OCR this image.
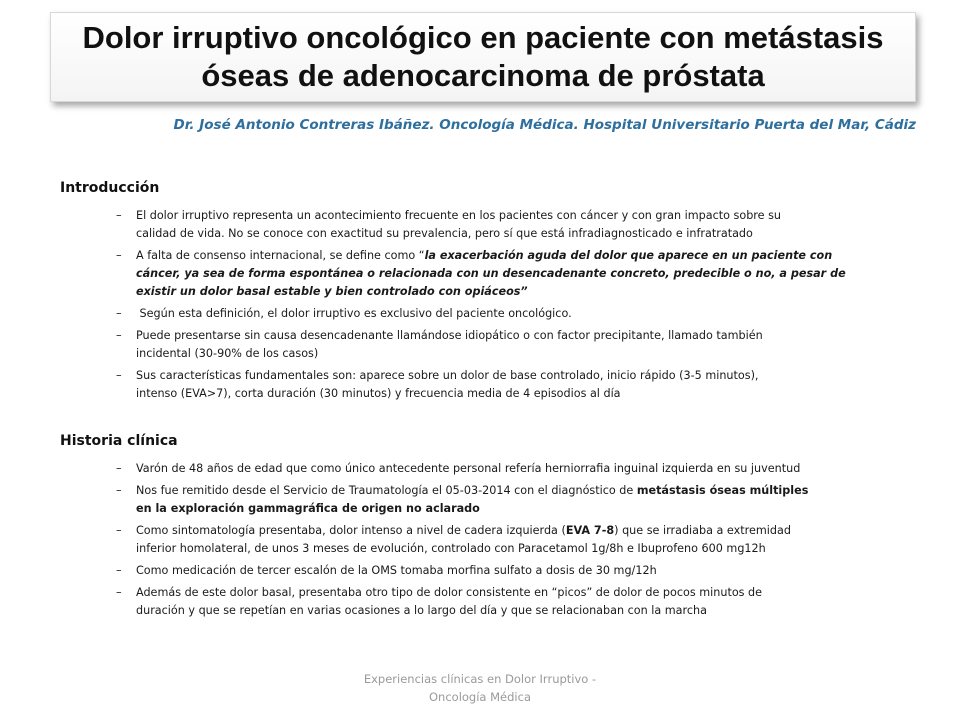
Dolor irruptivo oncológico en paciente con metástasis
óseas de adenocarcinoma de próstata
Dr. José Antonio Contreras Ibáñez. Oncología Médica. Hospital Universitario Puerta del Mar, Cádiz
Introducción
– El dolor irruptivo representa un acontecimiento frecuente en los pacientes con cáncer y con gran impacto sobre su
calidad de vida. No se conoce con exactitud su prevalencia, pero sí que está infradiagnosticado e infratratado
– A falta de consenso internacional, se define como “la exacerbación aguda del dolor que aparece en un paciente con
cáncer, ya sea de forma espontánea o relacionada con un desencadenante concreto, predecible o no, a pesar de
existir un dolor basal estable y bien controlado con opiáceos”
– Según esta definición, el dolor irruptivo es exclusivo del paciente oncológico.
– Puede presentarse sin causa desencadenante llamándose idiopático o con factor precipitante, llamado también
incidental (30-90% de los casos)
– Sus características fundamentales son: aparece sobre un dolor de base controlado, inicio rápido (3-5 minutos),
intenso (EVA>7), corta duración (30 minutos) y frecuencia media de 4 episodios al día
Historia clínica
– Varón de 48 años de edad que como único antecedente personal refería herniorrafia inguinal izquierda en su juventud
– Nos fue remitido desde el Servicio de Traumatología el 05-03-2014 con el diagnóstico de metástasis óseas múltiples
en la exploración gammagráfica de origen no aclarado
– Como sintomatología presentaba, dolor intenso a nivel de cadera izquierda (EVA 7-8) que se irradiaba a extremidad
inferior homolateral, de unos 3 meses de evolución, controlado con Paracetamol 1g/8h e Ibuprofeno 600 mg12h
– Como medicación de tercer escalón de la OMS tomaba morfina sulfato a dosis de 30 mg/12h
– Además de este dolor basal, presentaba otro tipo de dolor consistente en “picos” de dolor de pocos minutos de
duración y que se repetían en varias ocasiones a lo largo del día y que se relacionaban con la marcha
Experiencias clínicas en Dolor Irruptivo -
Oncología Médica
